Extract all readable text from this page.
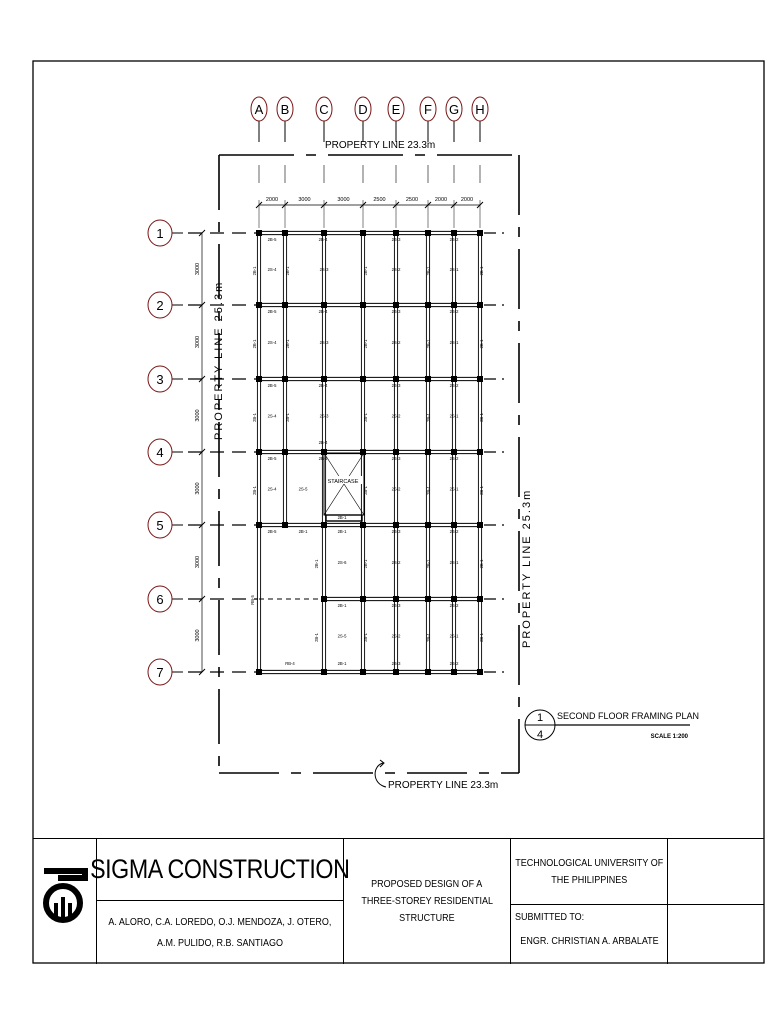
PROPERTY LINE 23.3m
PROPERTY LINE 23.3m
PROPERTY LINE 25.3m
PROPERTY LINE 25.3m
A B C D E F G H
1
2
3
4
5
6
7
2000	3000	3000	2500	2500	2000	2000
3000
3000
3000
3000
3000
3000
STAIRCASE
2B-5	2B-4	2B-3	2B-2
2S-4	2S-2	2S-1
2B-1	2B-1	2B-1	2B-1
2S-3
2B-1
2B-5	2B-4	2B-3	2B-2
2S-4	2S-2	2S-1
2B-1	2B-1	2B-1	2B-1
2S-3
2B-1
2B-5	2B-4	2B-3	2B-2
2S-4	2S-2	2S-1
2B-1	2B-1	2B-1	2B-1
2S-3
2B-1
2B-5	2B-4	2B-3	2B-2
2S-4	2S-2	2S-1
2B-1	2B-1	2B-1	2B-1
2S-5
2B-3	2B-2
2B-1
2S-2	2S-1
2S-6
2B-1	2B-1	2B-1	2B-1
2B-3	2B-2
2B-1
2S-2	2S-1
2S-5
2B-1	2B-1	2B-1	2B-1
2B-5	2B-1
RB-5
RB-4	2B-1	2B-3	2B-2
2B-4
2B-1
1
4
SECOND FLOOR FRAMING PLAN
SCALE 1:200
SIGMA CONSTRUCTION
A. ALORO, C.A. LOREDO, O.J. MENDOZA, J. OTERO,
A.M. PULIDO, R.B. SANTIAGO
PROPOSED DESIGN OF A
THREE-STOREY RESIDENTIAL
STRUCTURE
TECHNOLOGICAL UNIVERSITY OF
THE PHILIPPINES
SUBMITTED TO:
ENGR. CHRISTIAN A. ARBALATE
